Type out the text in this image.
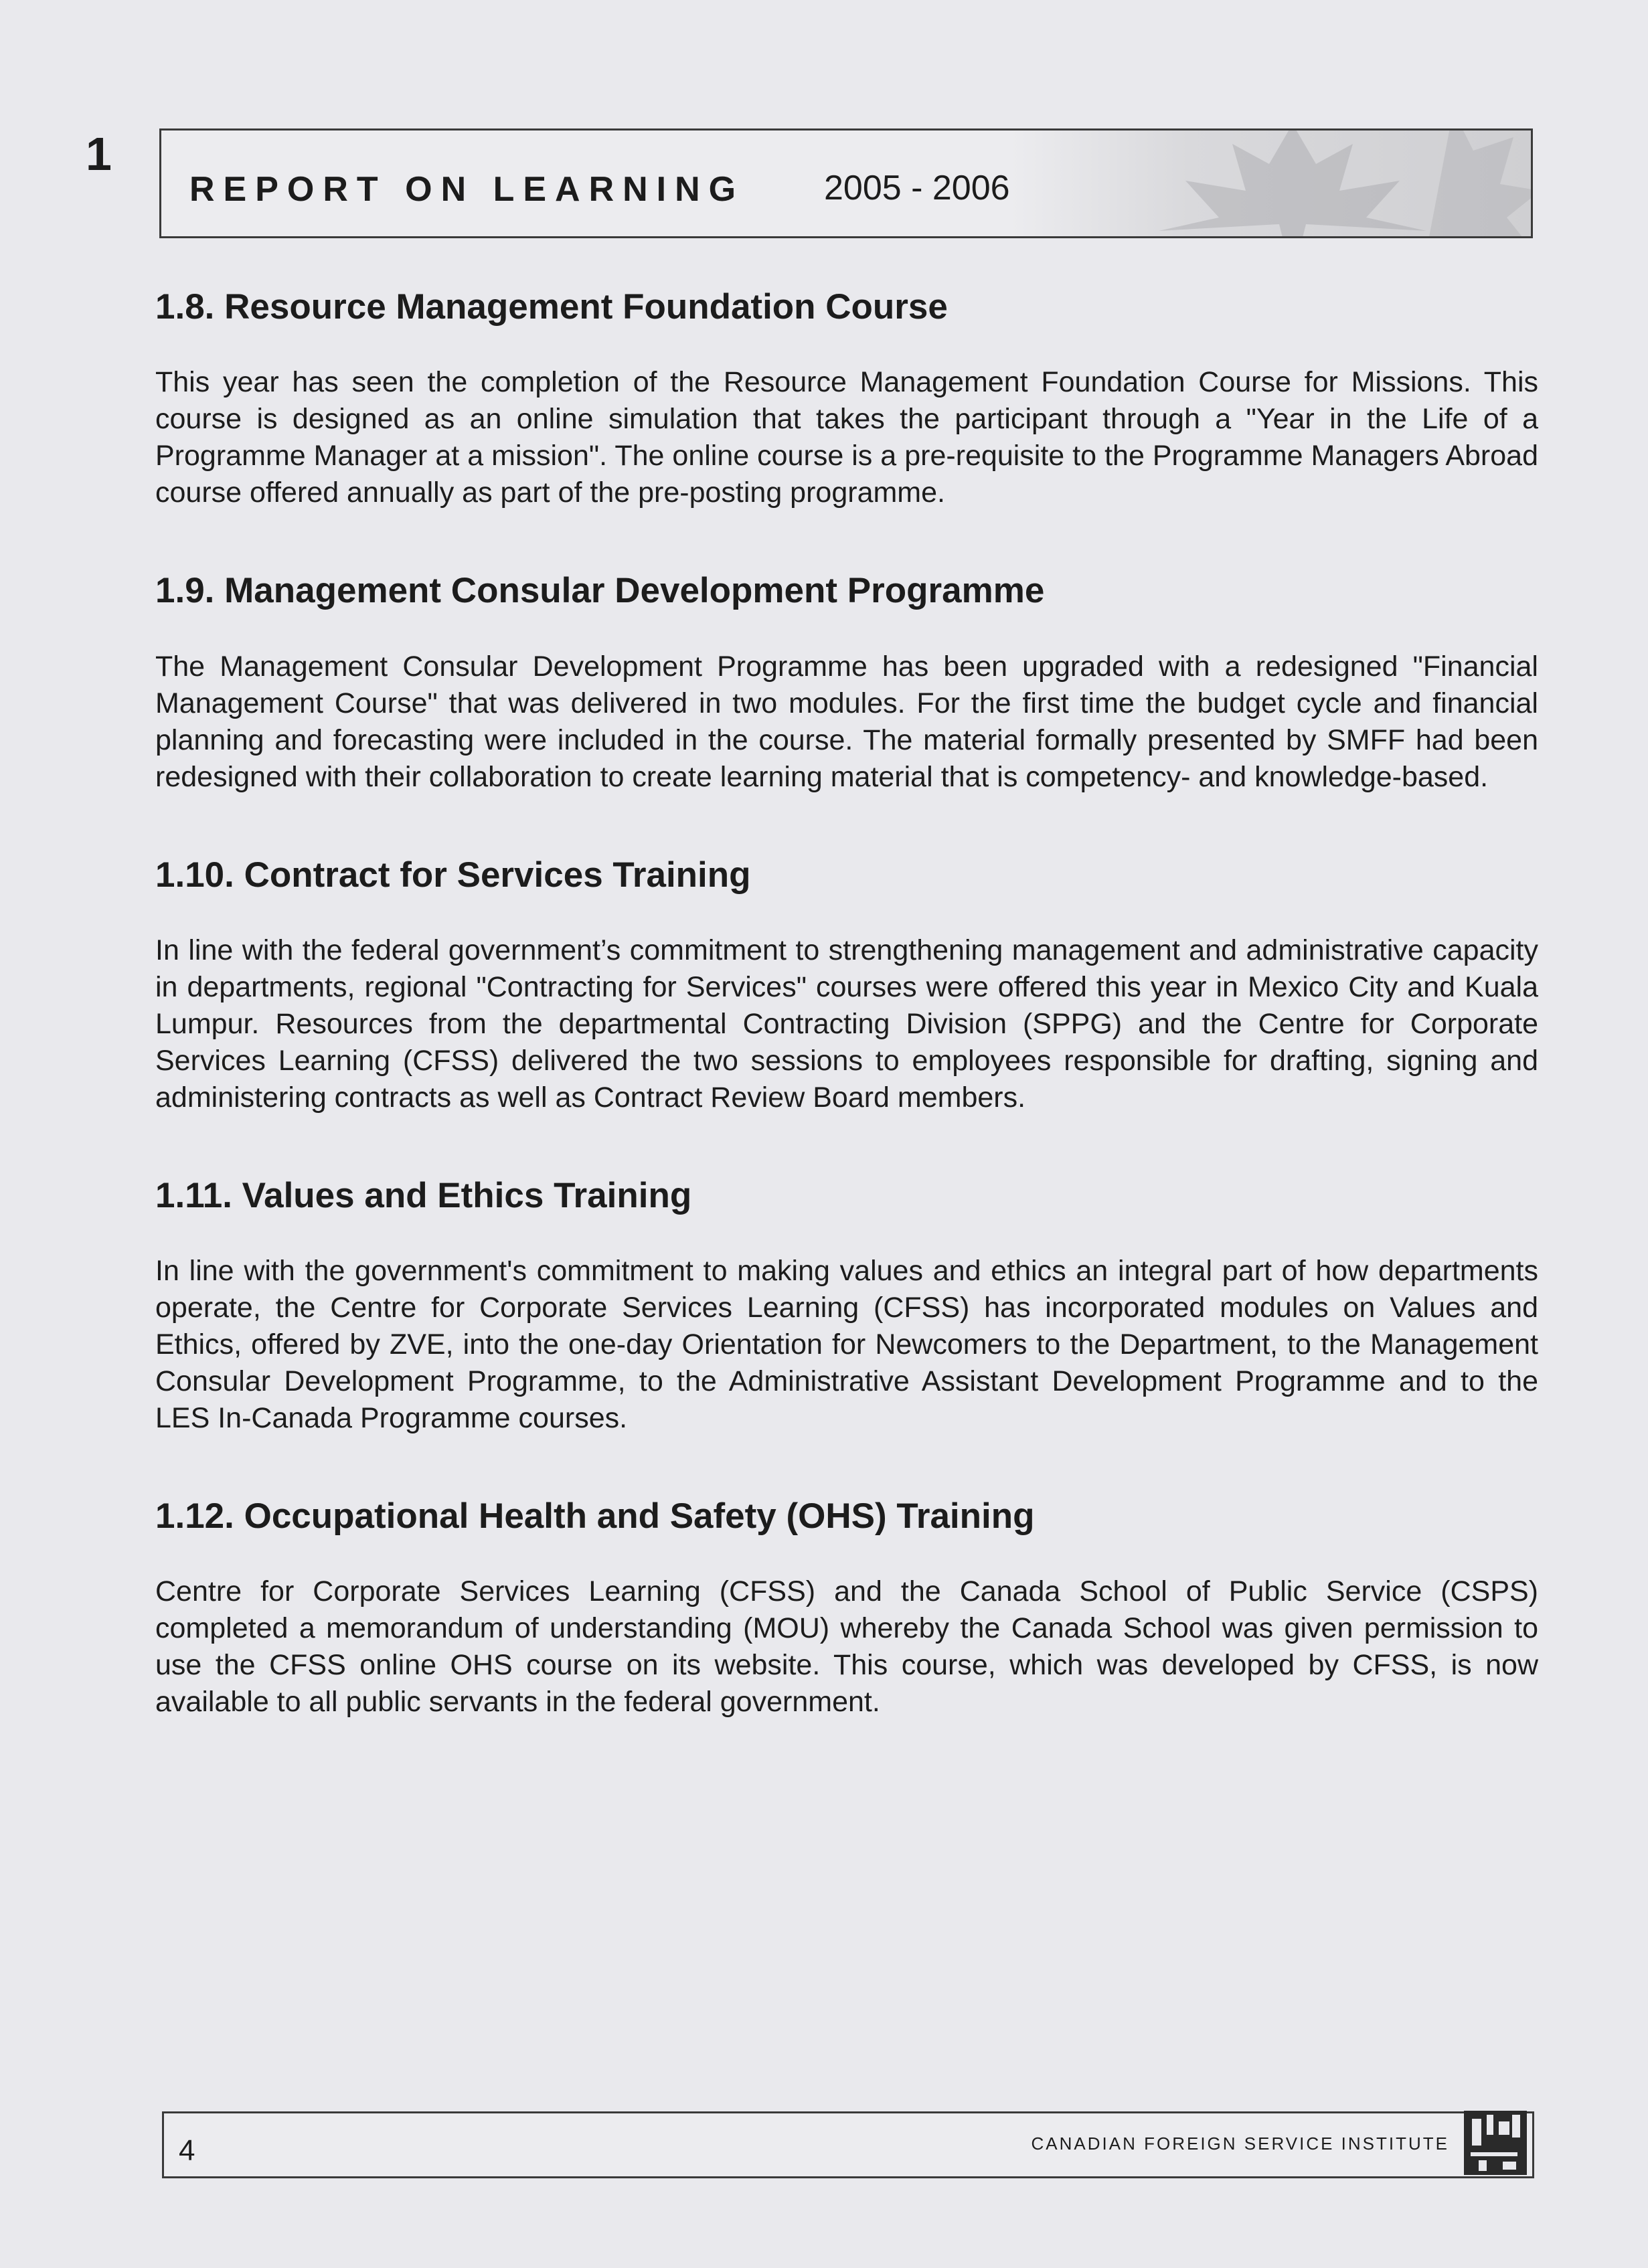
1
REPORT ON LEARNING 2005 - 2006
1.8. Resource Management Foundation Course

This year has seen the completion of the Resource Management Foundation Course for Missions. This course is designed as an online simulation that takes the participant through a "Year in the Life of a Programme Manager at a mission". The online course is a pre-requisite to the Programme Managers Abroad course offered annually as part of the pre-posting programme.

1.9. Management Consular Development Programme

The Management Consular Development Programme has been upgraded with a redesigned "Financial Management Course" that was delivered in two modules. For the first time the budget cycle and financial planning and forecasting were included in the course. The material formally presented by SMFF had been redesigned with their collaboration to create learning material that is competency- and knowledge-based.

1.10. Contract for Services Training

In line with the federal government’s commitment to strengthening management and administrative capacity in departments, regional "Contracting for Services" courses were offered this year in Mexico City and Kuala Lumpur. Resources from the departmental Contracting Division (SPPG) and the Centre for Corporate Services Learning (CFSS) delivered the two sessions to employees responsible for drafting, signing and administering contracts as well as Contract Review Board members.

1.11. Values and Ethics Training

In line with the government's commitment to making values and ethics an integral part of how departments operate, the Centre for Corporate Services Learning (CFSS) has incorporated modules on Values and Ethics, offered by ZVE, into the one-day Orientation for Newcomers to the Department, to the Management Consular Development Programme, to the Administrative Assistant Development Programme and to the LES In-Canada Programme courses.

1.12. Occupational Health and Safety (OHS) Training

Centre for Corporate Services Learning (CFSS) and the Canada School of Public Service (CSPS) completed a memorandum of understanding (MOU) whereby the Canada School was given permission to use the CFSS online OHS course on its website. This course, which was developed by CFSS, is now available to all public servants in the federal government.

4	CANADIAN FOREIGN SERVICE INSTITUTE
